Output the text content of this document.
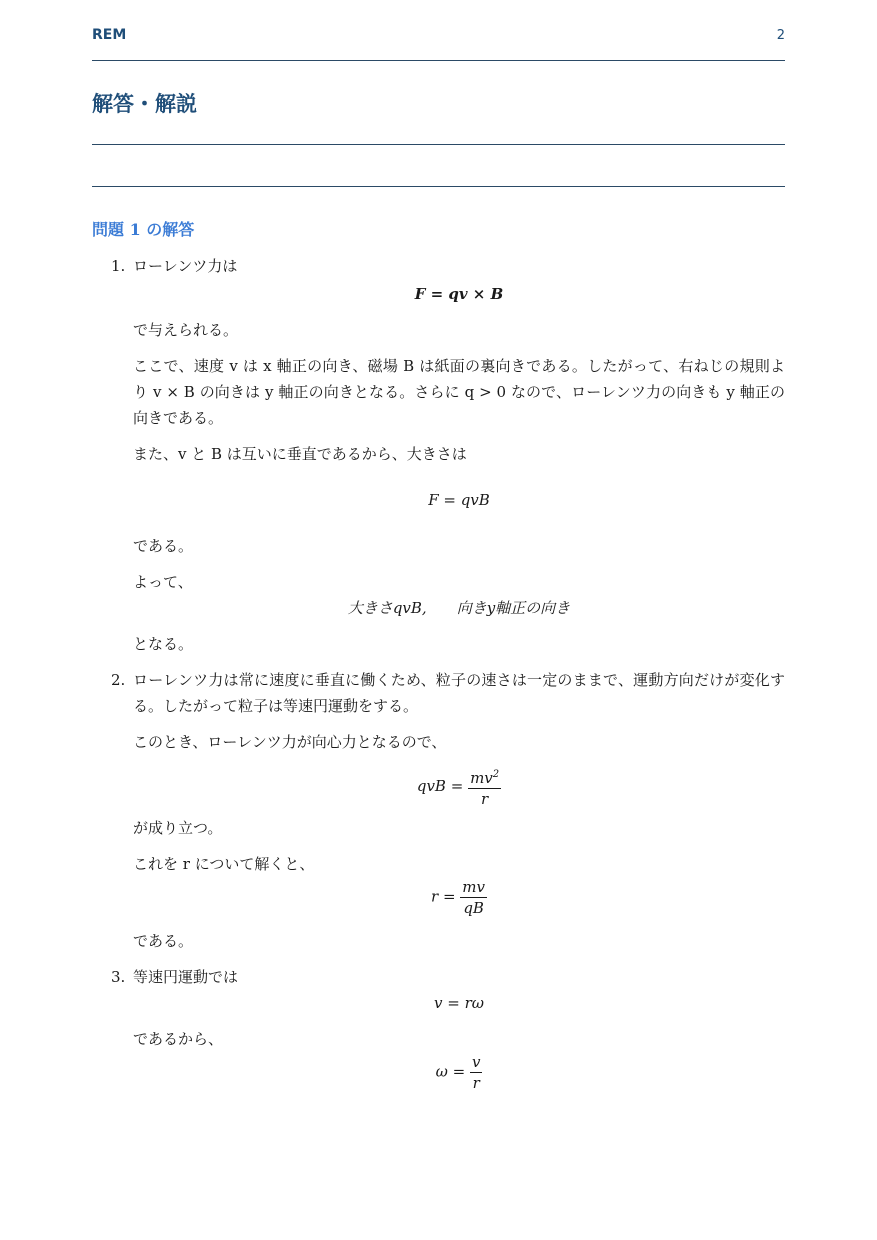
REM	2
解答・解説
問題 1 の解答
1. ローレンツ力は

F = qv × B

で与えられる。

ここで、速度 v は x 軸正の向き、磁場 B は紙面の裏向きである。したがって、右ねじの規則より v × B の向きは y 軸正の向きとなる。さらに q > 0 なので、ローレンツ力の向きも y 軸正の向きである。

また、v と B は互いに垂直であるから、大きさは

F = qvB

である。

よって、

大きさqvB, 向きy軸正の向き

となる。

2. ローレンツ力は常に速度に垂直に働くため、粒子の速さは一定のままで、運動方向だけが変化する。したがって粒子は等速円運動をする。

このとき、ローレンツ力が向心力となるので、

qvB = $\frac{mv^2}{r}$

が成り立つ。

これを r について解くと、

$r = \frac{mv}{qB}$

である。

3. 等速円運動では

v = rω

であるから、

$\omega = \frac{v}{r}$
